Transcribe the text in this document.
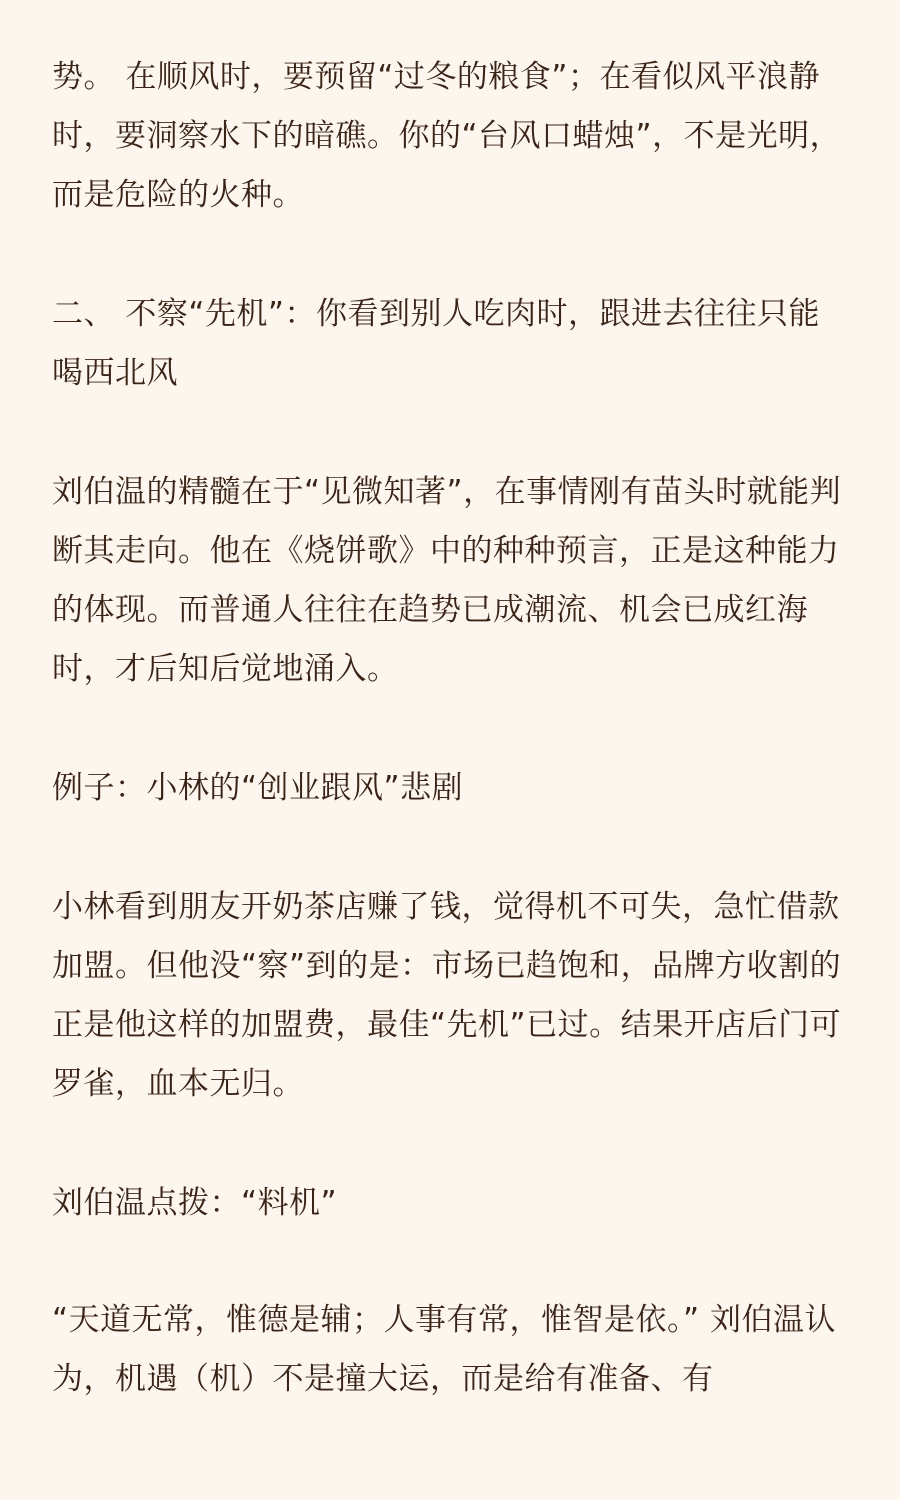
势。 在顺风时，要预留“过冬的粮食”；在看似风平浪静时，要洞察水下的暗礁。你的“台风口蜡烛”，不是光明，而是危险的火种。

二、 不察“先机”：你看到别人吃肉时，跟进去往往只能喝西北风

刘伯温的精髓在于“见微知著”，在事情刚有苗头时就能判断其走向。他在《烧饼歌》中的种种预言，正是这种能力的体现。而普通人往往在趋势已成潮流、机会已成红海时，才后知后觉地涌入。

例子：小林的“创业跟风”悲剧

小林看到朋友开奶茶店赚了钱，觉得机不可失，急忙借款加盟。但他没“察”到的是：市场已趋饱和，品牌方收割的正是他这样的加盟费，最佳“先机”已过。结果开店后门可罗雀，血本无归。

刘伯温点拨：“料机”

“天道无常，惟德是辅；人事有常，惟智是依。” 刘伯温认为，机遇（机）不是撞大运，而是给有准备、有
